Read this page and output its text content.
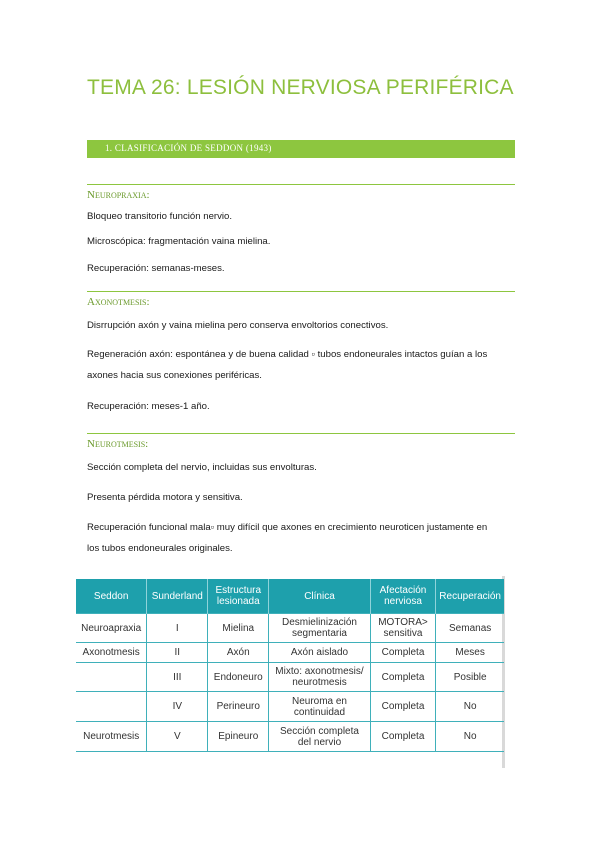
TEMA 26: LESIÓN NERVIOSA PERIFÉRICA
1. CLASIFICACIÓN DE SEDDON (1943)
Neuropraxia:
Bloqueo transitorio función nervio.
Microscópica: fragmentación vaina mielina.
Recuperación: semanas-meses.
Axonotmesis:
Disrrupción axón y vaina mielina pero conserva envoltorios conectivos.
Regeneración axón: espontánea y de buena calidad ▫ tubos endoneurales intactos guían a los
axones hacia sus conexiones periféricas.
Recuperación: meses-1 año.
Neurotmesis:
Sección completa del nervio, incluidas sus envolturas.
Presenta pérdida motora y sensitiva.
Recuperación funcional mala▫ muy difícil que axones en crecimiento neuroticen justamente en
los tubos endoneurales originales.
Seddon	Sunderland	Estructura lesionada	Clínica	Afectación nerviosa	Recuperación
Neuroapraxia	I	Mielina	Desmielinización segmentaria	MOTORA> sensitiva	Semanas
Axonotmesis	II	Axón	Axón aislado	Completa	Meses
	III	Endoneuro	Mixto: axonotmesis/ neurotmesis	Completa	Posible
	IV	Perineuro	Neuroma en continuidad	Completa	No
Neurotmesis	V	Epineuro	Sección completa del nervio	Completa	No
